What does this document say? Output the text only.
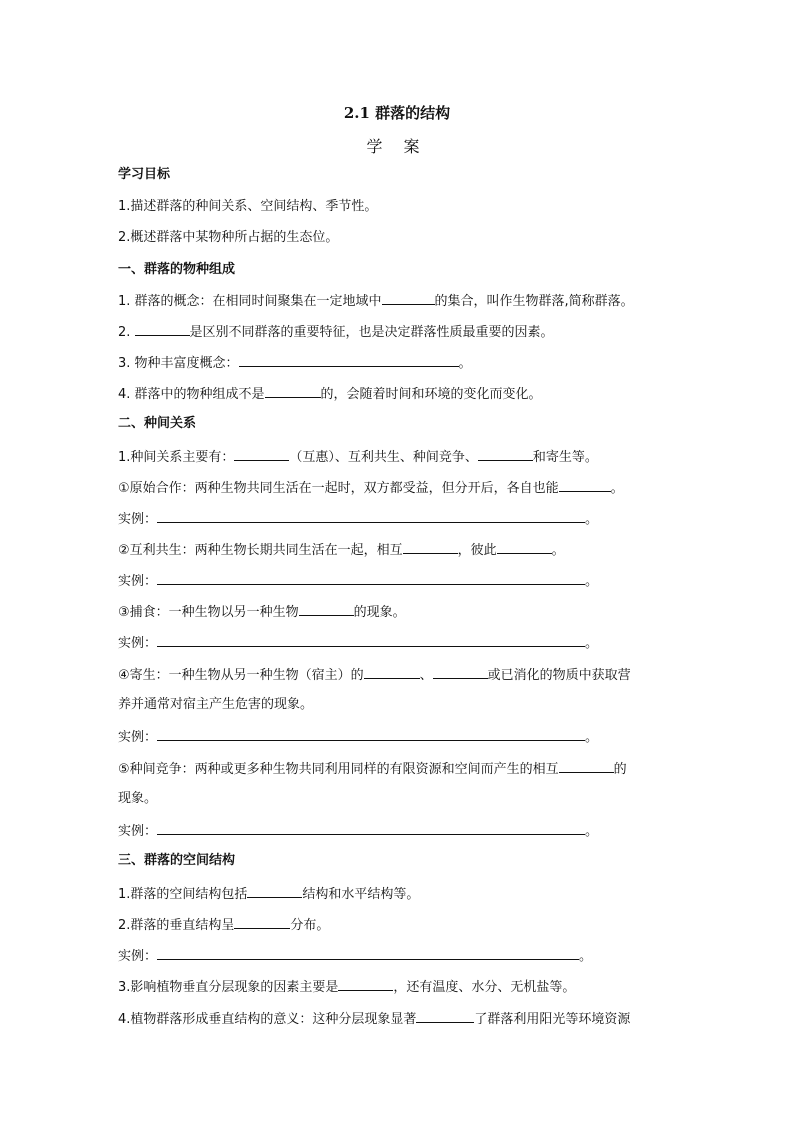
2.1 群落的结构
学 案
学习目标
1.描述群落的种间关系、空间结构、季节性。
2.概述群落中某物种所占据的生态位。
一、群落的物种组成
1. 群落的概念：在相同时间聚集在一定地域中	的集合，叫作生物群落,简称群落。
2.	是区别不同群落的重要特征，也是决定群落性质最重要的因素。
3. 物种丰富度概念：	。
4. 群落中的物种组成不是	的，会随着时间和环境的变化而变化。
二、种间关系
1.种间关系主要有：	（互惠）、互利共生、种间竞争、	和寄生等。
①原始合作：两种生物共同生活在一起时，双方都受益，但分开后，各自也能	。
实例：	。
②互利共生：两种生物长期共同生活在一起，相互	，彼此	。
实例：	。
③捕食：一种生物以另一种生物	的现象。
实例：	。
④寄生：一种生物从另一种生物（宿主）的	、	或已消化的物质中获取营
养并通常对宿主产生危害的现象。
实例：	。
⑤种间竞争：两种或更多种生物共同利用同样的有限资源和空间而产生的相互	的
现象。
实例：	。
三、群落的空间结构
1.群落的空间结构包括	结构和水平结构等。
2.群落的垂直结构呈	分布。
实例：	。
3.影响植物垂直分层现象的因素主要是	，还有温度、水分、无机盐等。
4.植物群落形成垂直结构的意义：这种分层现象显著	了群落利用阳光等环境资源
